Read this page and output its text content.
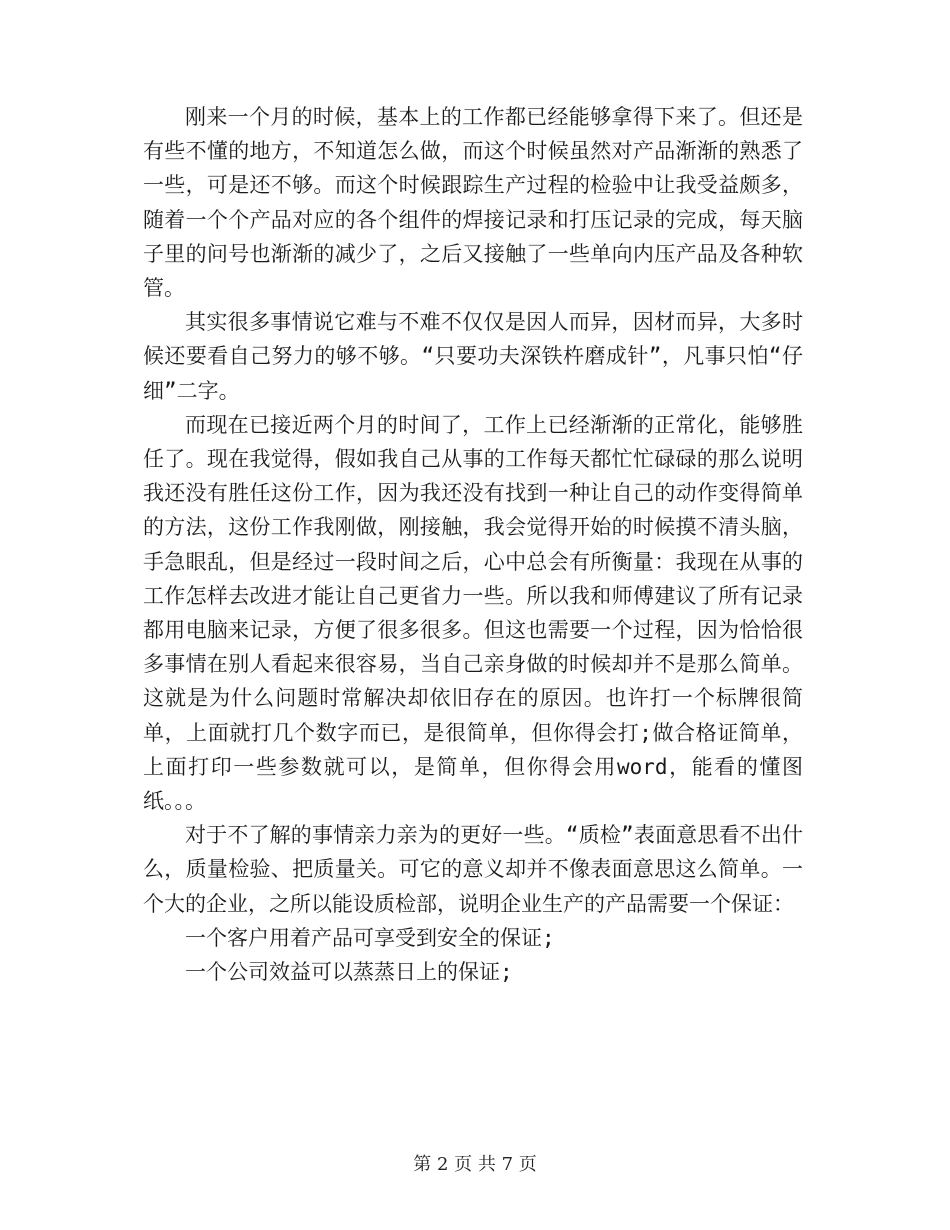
刚来一个月的时候，基本上的工作都已经能够拿得下来了。但还是有些不懂的地方，不知道怎么做，而这个时候虽然对产品渐渐的熟悉了一些，可是还不够。而这个时候跟踪生产过程的检验中让我受益颇多，随着一个个产品对应的各个组件的焊接记录和打压记录的完成，每天脑子里的问号也渐渐的减少了，之后又接触了一些单向内压产品及各种软管。

其实很多事情说它难与不难不仅仅是因人而异，因材而异，大多时候还要看自己努力的够不够。“只要功夫深铁杵磨成针”，凡事只怕“仔细”二字。

而现在已接近两个月的时间了，工作上已经渐渐的正常化，能够胜任了。现在我觉得，假如我自己从事的工作每天都忙忙碌碌的那么说明我还没有胜任这份工作，因为我还没有找到一种让自己的动作变得简单的方法，这份工作我刚做，刚接触，我会觉得开始的时候摸不清头脑，手急眼乱，但是经过一段时间之后，心中总会有所衡量：我现在从事的工作怎样去改进才能让自己更省力一些。所以我和师傅建议了所有记录都用电脑来记录，方便了很多很多。但这也需要一个过程，因为恰恰很多事情在别人看起来很容易，当自己亲身做的时候却并不是那么简单。这就是为什么问题时常解决却依旧存在的原因。也许打一个标牌很简单，上面就打几个数字而已，是很简单，但你得会打;做合格证简单，上面打印一些参数就可以，是简单，但你得会用word，能看的懂图纸。。。

对于不了解的事情亲力亲为的更好一些。“质检”表面意思看不出什么，质量检验、把质量关。可它的意义却并不像表面意思这么简单。一个大的企业，之所以能设质检部，说明企业生产的产品需要一个保证：

一个客户用着产品可享受到安全的保证;

一个公司效益可以蒸蒸日上的保证;

第 2 页 共 7 页
